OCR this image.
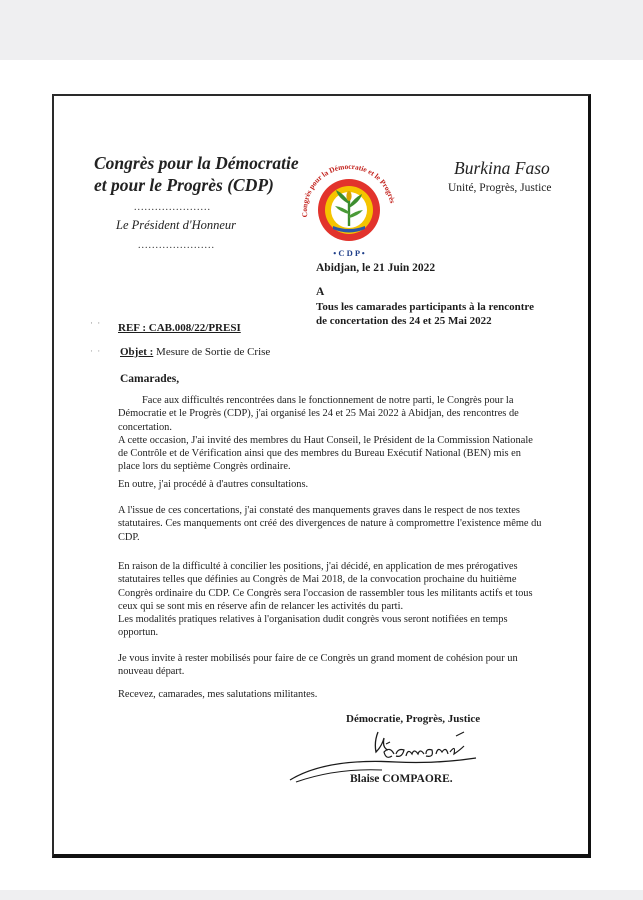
Congrès pour la Démocratie
et pour le Progrès (CDP)
......................
Le Président d'Honneur
......................
Congrès pour la Démocratie et le Progrès
• C D P •
Burkina Faso
Unité, Progrès, Justice
Abidjan, le 21 Juin 2022
A
Tous les camarades participants à la rencontre
de concertation des 24 et 25 Mai 2022
· · REF : CAB.008/22/PRESI
· · Objet : Mesure de Sortie de Crise
Camarades,

Face aux difficultés rencontrées dans le fonctionnement de notre parti, le Congrès pour la Démocratie et le Progrès (CDP), j'ai organisé les 24 et 25 Mai 2022 à Abidjan, des rencontres de concertation.

A cette occasion, J'ai invité des membres du Haut Conseil, le Président de la Commission Nationale de Contrôle et de Vérification ainsi que des membres du Bureau Exécutif National (BEN) mis en place lors du septième Congrès ordinaire.

En outre, j'ai procédé à d'autres consultations.
A l'issue de ces concertations, j'ai constaté des manquements graves dans le respect de nos textes statutaires. Ces manquements ont créé des divergences de nature à compromettre l'existence même du CDP.

En raison de la difficulté à concilier les positions, j'ai décidé, en application de mes prérogatives statutaires telles que définies au Congrès de Mai 2018, de la convocation prochaine du huitième Congrès ordinaire du CDP. Ce Congrès sera l'occasion de rassembler tous les militants actifs et tous ceux qui se sont mis en réserve afin de relancer les activités du parti.

Les modalités pratiques relatives à l'organisation dudit congrès vous seront notifiées en temps opportun.

Je vous invite à rester mobilisés pour faire de ce Congrès un grand moment de cohésion pour un nouveau départ.
Recevez, camarades, mes salutations militantes.
Démocratie, Progrès, Justice
Blaise COMPAORE.
